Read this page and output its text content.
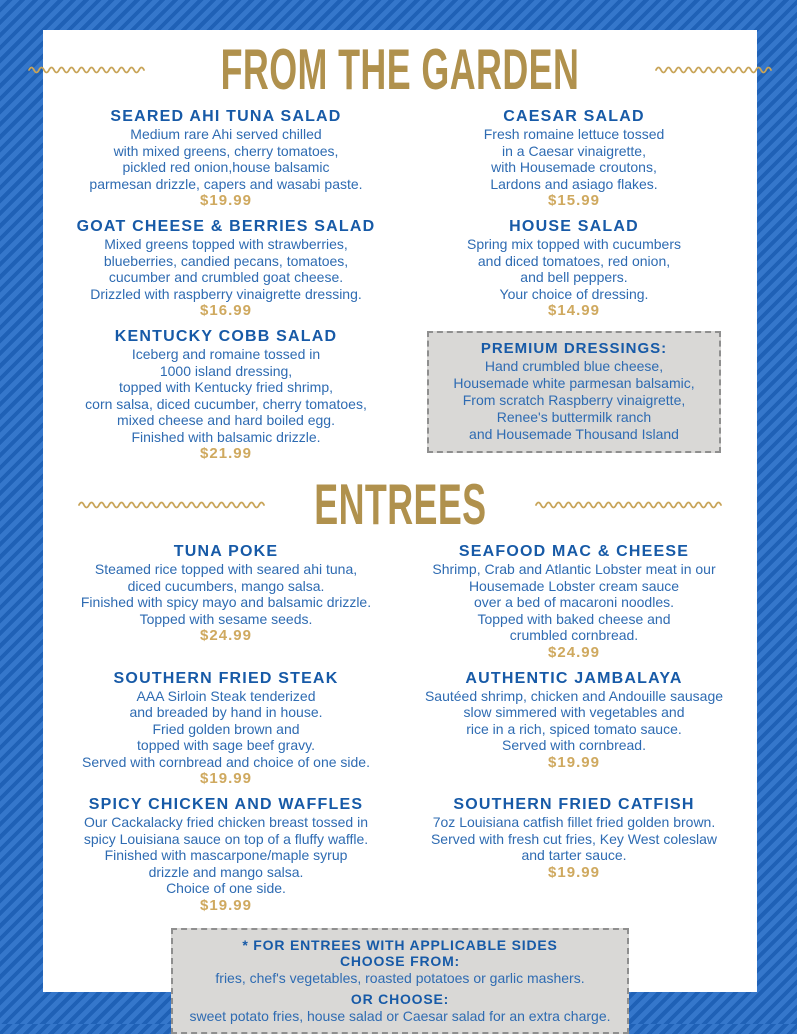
FROM THE GARDEN
SEARED AHI TUNA SALAD
Medium rare Ahi served chilled
with mixed greens, cherry tomatoes,
pickled red onion,house balsamic
parmesan drizzle, capers and wasabi paste.
$19.99
CAESAR SALAD
Fresh romaine lettuce tossed
in a Caesar vinaigrette,
with Housemade croutons,
Lardons and asiago flakes.
$15.99
GOAT CHEESE & BERRIES SALAD
Mixed greens topped with strawberries,
blueberries, candied pecans, tomatoes,
cucumber and crumbled goat cheese.
Drizzled with raspberry vinaigrette dressing.
$16.99
HOUSE SALAD
Spring mix topped with cucumbers
and diced tomatoes, red onion,
and bell peppers.
Your choice of dressing.
$14.99
KENTUCKY COBB SALAD
Iceberg and romaine tossed in
1000 island dressing,
topped with Kentucky fried shrimp,
corn salsa, diced cucumber, cherry tomatoes,
mixed cheese and hard boiled egg.
Finished with balsamic drizzle.
$21.99
PREMIUM DRESSINGS:
Hand crumbled blue cheese,
Housemade white parmesan balsamic,
From scratch Raspberry vinaigrette,
Renee's buttermilk ranch
and Housemade Thousand Island
ENTREES
TUNA POKE
Steamed rice topped with seared ahi tuna,
diced cucumbers, mango salsa.
Finished with spicy mayo and balsamic drizzle.
Topped with sesame seeds.
$24.99
SEAFOOD MAC & CHEESE
Shrimp, Crab and Atlantic Lobster meat in our
Housemade Lobster cream sauce
over a bed of macaroni noodles.
Topped with baked cheese and
crumbled cornbread.
$24.99
SOUTHERN FRIED STEAK
AAA Sirloin Steak tenderized
and breaded by hand in house.
Fried golden brown and
topped with sage beef gravy.
Served with cornbread and choice of one side.
$19.99
AUTHENTIC JAMBALAYA
Sautéed shrimp, chicken and Andouille sausage
slow simmered with vegetables and
rice in a rich, spiced tomato sauce.
Served with cornbread.
$19.99
SPICY CHICKEN AND WAFFLES
Our Cackalacky fried chicken breast tossed in
spicy Louisiana sauce on top of a fluffy waffle.
Finished with mascarpone/maple syrup
drizzle and mango salsa.
Choice of one side.
$19.99
SOUTHERN FRIED CATFISH
7oz Louisiana catfish fillet fried golden brown.
Served with fresh cut fries, Key West coleslaw
and tarter sauce.
$19.99
* FOR ENTREES WITH APPLICABLE SIDES
CHOOSE FROM:
fries, chef's vegetables, roasted potatoes or garlic mashers.
OR CHOOSE:
sweet potato fries, house salad or Caesar salad for an extra charge.
